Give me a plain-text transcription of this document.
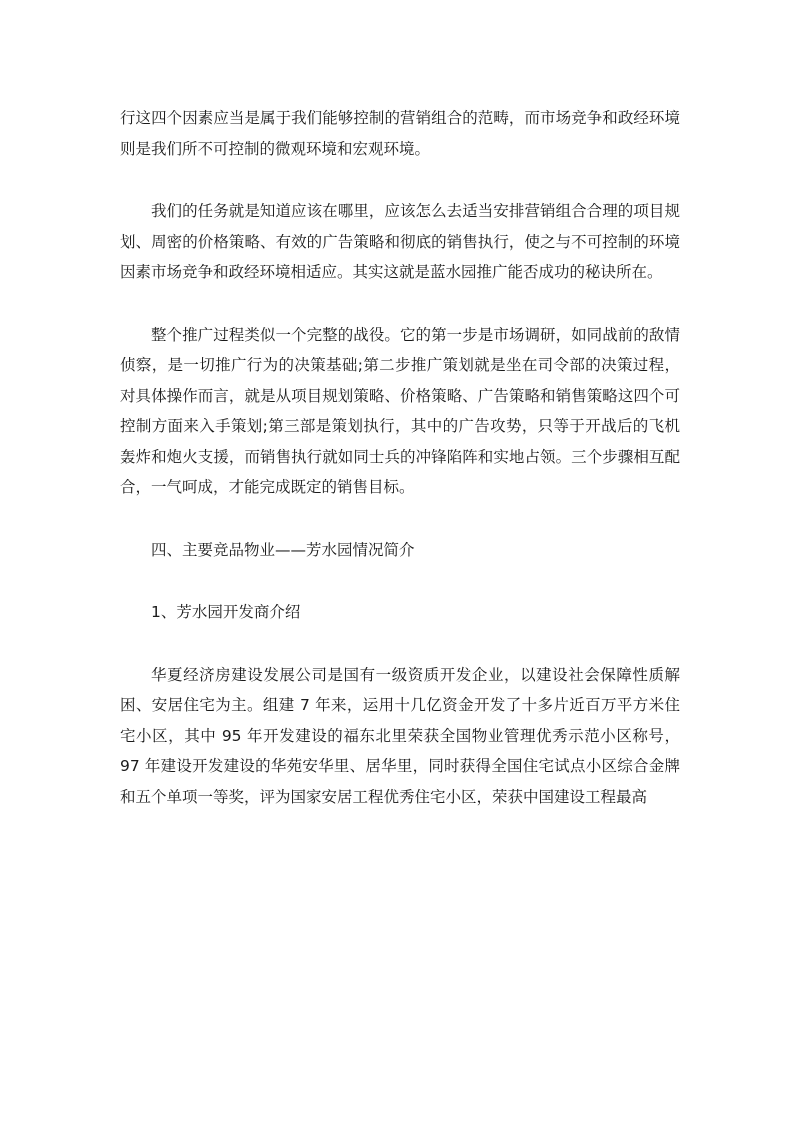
行这四个因素应当是属于我们能够控制的营销组合的范畴，而市场竞争和政经环境则是我们所不可控制的微观环境和宏观环境。

我们的任务就是知道应该在哪里，应该怎么去适当安排营销组合合理的项目规划、周密的价格策略、有效的广告策略和彻底的销售执行，使之与不可控制的环境因素市场竞争和政经环境相适应。其实这就是蓝水园推广能否成功的秘诀所在。

整个推广过程类似一个完整的战役。它的第一步是市场调研，如同战前的敌情侦察，是一切推广行为的决策基础;第二步推广策划就是坐在司令部的决策过程，对具体操作而言，就是从项目规划策略、价格策略、广告策略和销售策略这四个可控制方面来入手策划;第三部是策划执行，其中的广告攻势，只等于开战后的飞机轰炸和炮火支援，而销售执行就如同士兵的冲锋陷阵和实地占领。三个步骤相互配合，一气呵成，才能完成既定的销售目标。

四、主要竞品物业——芳水园情况简介

1、芳水园开发商介绍

华夏经济房建设发展公司是国有一级资质开发企业，以建设社会保障性质解困、安居住宅为主。组建 7 年来，运用十几亿资金开发了十多片近百万平方米住宅小区，其中 95 年开发建设的福东北里荣获全国物业管理优秀示范小区称号，97 年建设开发建设的华苑安华里、居华里，同时获得全国住宅试点小区综合金牌和五个单项一等奖，评为国家安居工程优秀住宅小区，荣获中国建设工程最高
